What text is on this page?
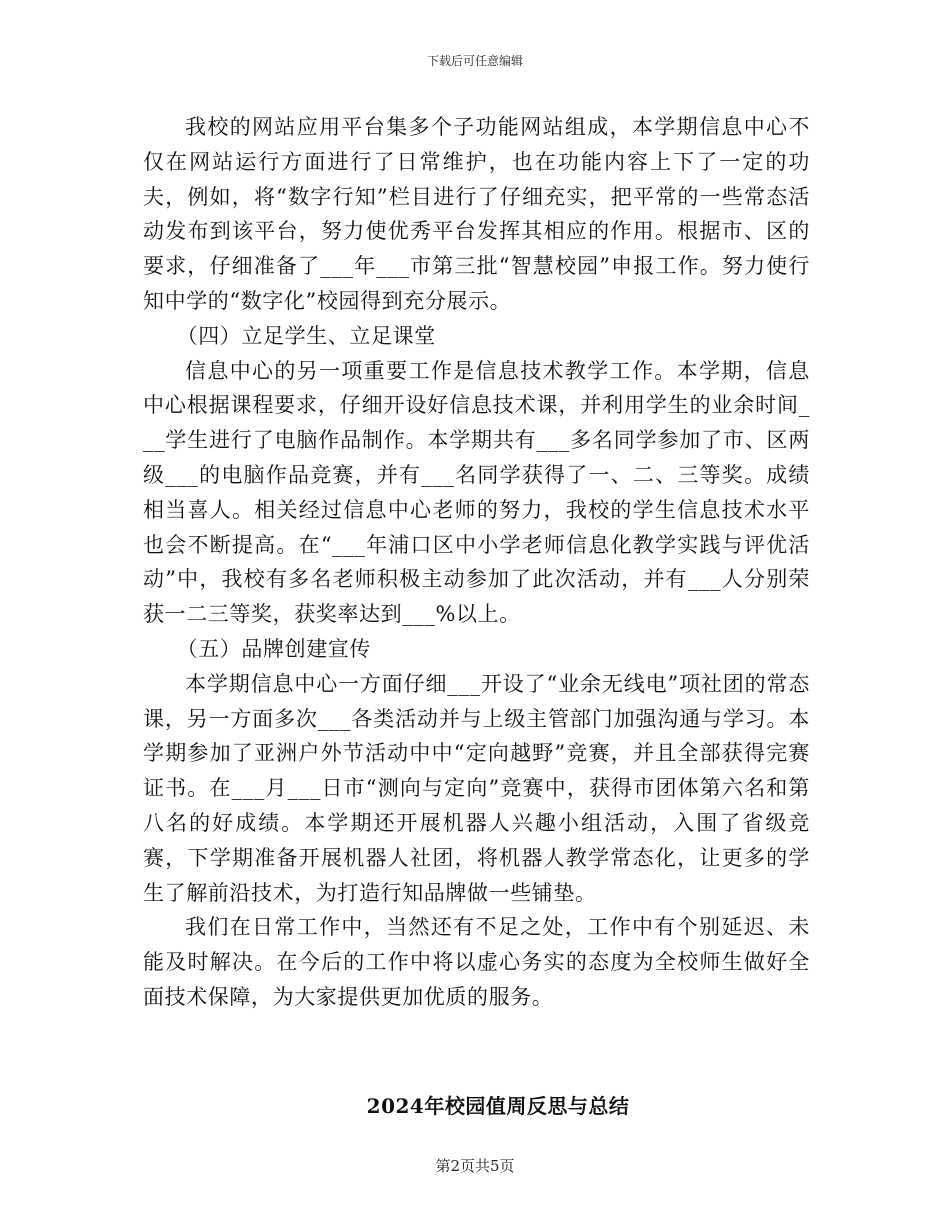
下载后可任意编辑

我校的网站应用平台集多个子功能网站组成，本学期信息中心不仅在网站运行方面进行了日常维护，也在功能内容上下了一定的功夫，例如，将“数字行知”栏目进行了仔细充实，把平常的一些常态活动发布到该平台，努力使优秀平台发挥其相应的作用。根据市、区的要求，仔细准备了___年___市第三批“智慧校园”申报工作。努力使行知中学的“数字化”校园得到充分展示。

（四）立足学生、立足课堂

信息中心的另一项重要工作是信息技术教学工作。本学期，信息中心根据课程要求，仔细开设好信息技术课，并利用学生的业余时间___学生进行了电脑作品制作。本学期共有___多名同学参加了市、区两级___的电脑作品竞赛，并有___名同学获得了一、二、三等奖。成绩相当喜人。相关经过信息中心老师的努力，我校的学生信息技术水平也会不断提高。在“___年浦口区中小学老师信息化教学实践与评优活动”中，我校有多名老师积极主动参加了此次活动，并有___人分别荣获一二三等奖，获奖率达到___%以上。

（五）品牌创建宣传

本学期信息中心一方面仔细___开设了“业余无线电”项社团的常态课，另一方面多次___各类活动并与上级主管部门加强沟通与学习。本学期参加了亚洲户外节活动中中“定向越野”竞赛，并且全部获得完赛证书。在___月___日市“测向与定向”竞赛中，获得市团体第六名和第八名的好成绩。本学期还开展机器人兴趣小组活动，入围了省级竞赛，下学期准备开展机器人社团，将机器人教学常态化，让更多的学生了解前沿技术，为打造行知品牌做一些铺垫。

我们在日常工作中，当然还有不足之处，工作中有个别延迟、未能及时解决。在今后的工作中将以虚心务实的态度为全校师生做好全面技术保障，为大家提供更加优质的服务。

2024年校园值周反思与总结
第2页共5页
